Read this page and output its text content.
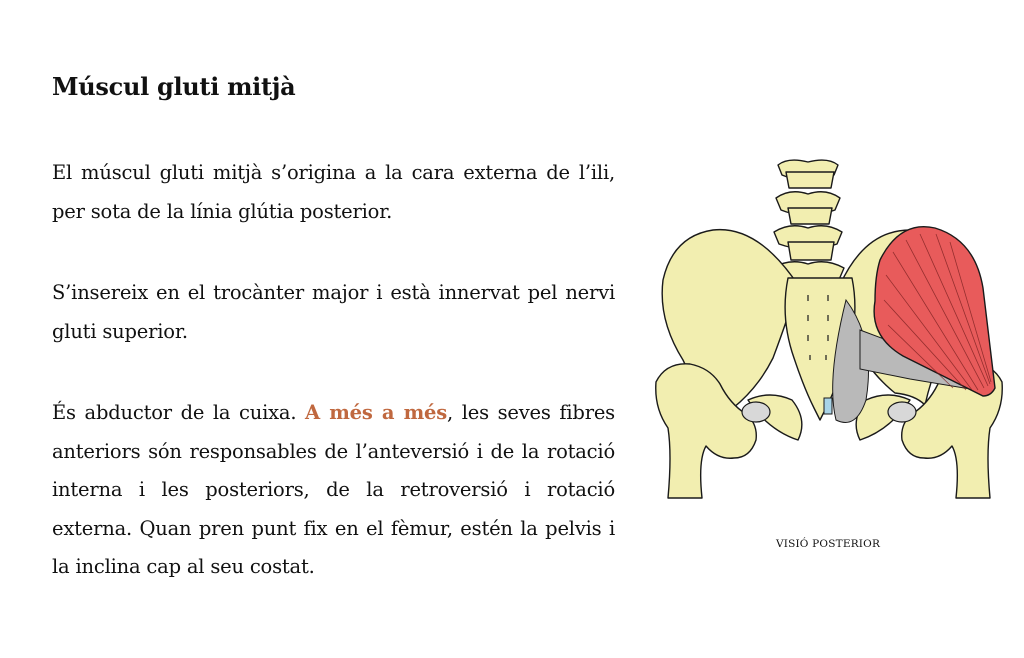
Múscul gluti mitjà

El múscul gluti mitjà s’origina a la cara externa de l’ili, per sota de la línia glútia posterior.

S’insereix en el trocànter major i està innervat pel nervi gluti superior.

És abductor de la cuixa. A més a més, les seves fibres anteriors són responsables de l’anteversió i de la rotació interna i les posteriors, de la retroversió i rotació externa. Quan pren punt fix en el fèmur, estén la pelvis i la inclina cap al seu costat.

VISIÓ POSTERIOR
